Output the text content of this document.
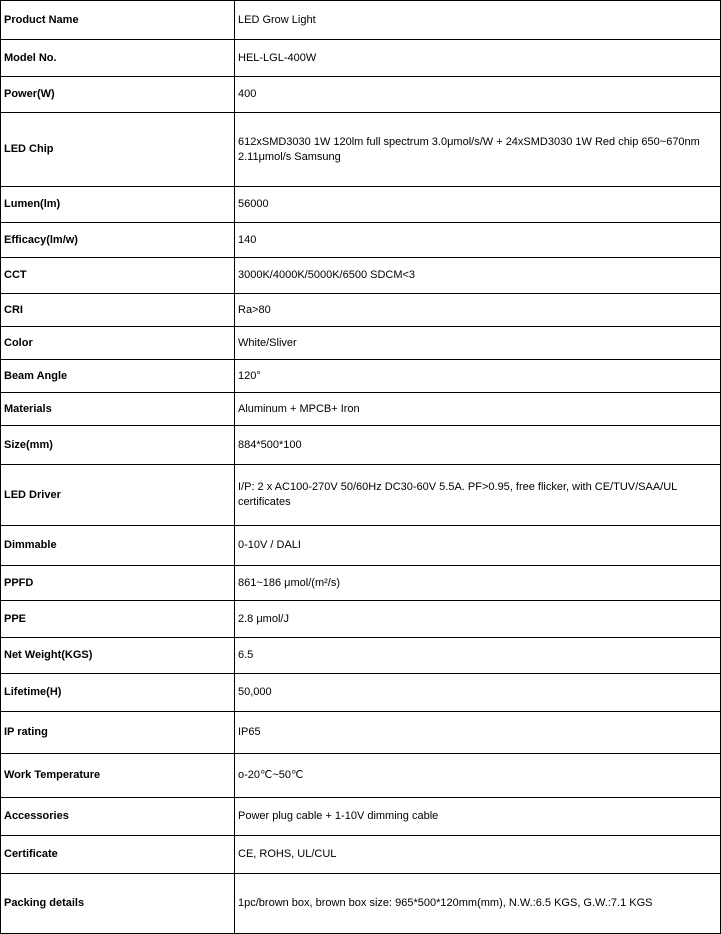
Product Name	LED Grow Light
Model No.	HEL-LGL-400W
Power(W)	400
LED Chip	612xSMD3030 1W 120lm full spectrum 3.0μmol/s/W + 24xSMD3030 1W Red chip 650~670nm 2.11μmol/s Samsung
Lumen(lm)	56000
Efficacy(lm/w)	140
CCT	3000K/4000K/5000K/6500 SDCM<3
CRI	Ra>80
Color	White/Sliver
Beam Angle	120°
Materials	Aluminum + MPCB+ Iron
Size(mm)	884*500*100
LED Driver	I/P: 2 x AC100-270V 50/60Hz DC30-60V 5.5A. PF>0.95, free flicker, with CE/TUV/SAA/UL certificates
Dimmable	0-10V / DALI
PPFD	861~186 μmol/(m²/s)
PPE	2.8 μmol/J
Net Weight(KGS)	6.5
Lifetime(H)	50,000
IP rating	IP65
Work Temperature	o-20℃~50℃
Accessories	Power plug cable + 1-10V dimming cable
Certificate	CE, ROHS, UL/CUL
Packing details	1pc/brown box, brown box size: 965*500*120mm(mm), N.W.:6.5 KGS, G.W.:7.1 KGS
